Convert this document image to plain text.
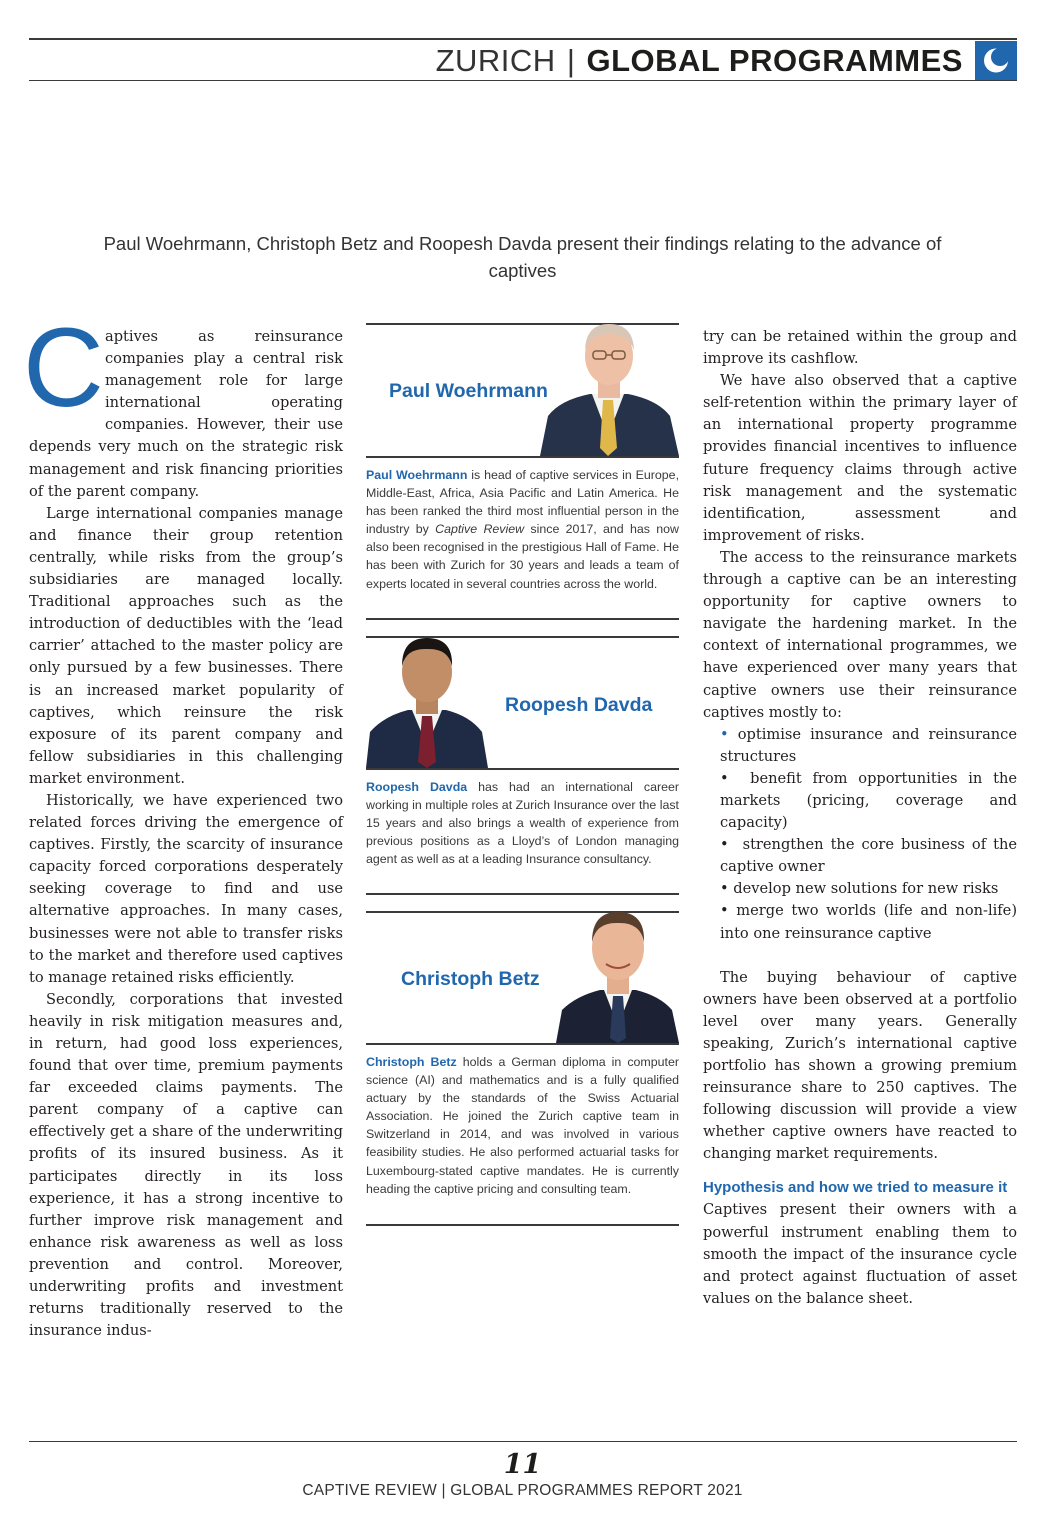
ZURICH | GLOBAL PROGRAMMES
Paul Woehrmann, Christoph Betz and Roopesh Davda present their findings relating to the advance of captives
C aptives as reinsurance companies play a central risk management role for large international operating companies. However, their use depends very much on the strategic risk management and risk financing priorities of the parent company.

Large international companies manage and finance their group retention centrally, while risks from the group’s subsidiaries are managed locally. Traditional approaches such as the introduction of deductibles with the ‘lead carrier’ attached to the master policy are only pursued by a few businesses. There is an increased market popularity of captives, which reinsure the risk exposure of its parent company and fellow subsidiaries in this challenging market environment.

Historically, we have experienced two related forces driving the emergence of captives. Firstly, the scarcity of insurance capacity forced corporations desperately seeking coverage to find and use alternative approaches. In many cases, businesses were not able to transfer risks to the market and therefore used captives to manage retained risks efficiently.

Secondly, corporations that invested heavily in risk mitigation measures and, in return, had good loss experiences, found that over time, premium payments far exceeded claims payments. The parent company of a captive can effectively get a share of the underwriting profits of its insured business. As it participates directly in its loss experience, it has a strong incentive to further improve risk management and enhance risk awareness as well as loss prevention and control. Moreover, underwriting profits and investment returns traditionally reserved to the insurance indus-

Paul Woehrmann
Paul Woehrmann is head of captive services in Europe, Middle-East, Africa, Asia Pacific and Latin America. He has been ranked the third most influential person in the industry by Captive Review since 2017, and has now also been recognised in the prestigious Hall of Fame. He has been with Zurich for 30 years and leads a team of experts located in several countries across the world.
Roopesh Davda
Roopesh Davda has had an international career working in multiple roles at Zurich Insurance over the last 15 years and also brings a wealth of experience from previous positions as a Lloyd’s of London managing agent as well as at a leading Insurance consultancy.
Christoph Betz
Christoph Betz holds a German diploma in computer science (AI) and mathematics and is a fully qualified actuary by the standards of the Swiss Actuarial Association. He joined the Zurich captive team in Switzerland in 2014, and was involved in various feasibility studies. He also performed actuarial tasks for Luxembourg-stated captive mandates. He is currently heading the captive pricing and consulting team.

try can be retained within the group and improve its cashflow.

We have also observed that a captive self-retention within the primary layer of an international property programme provides financial incentives to influence future frequency claims through active risk management and the systematic identification, assessment and improvement of risks.

The access to the reinsurance markets through a captive can be an interesting opportunity for captive owners to navigate the hardening market. In the context of international programmes, we have experienced over many years that captive owners use their reinsurance captives mostly to:

• optimise insurance and reinsurance structures
•  benefit from opportunities in the markets (pricing, coverage and capacity)
•  strengthen the core business of the captive owner
• develop new solutions for new risks
• merge two worlds (life and non-life) into one reinsurance captive

The buying behaviour of captive owners have been observed at a portfolio level over many years. Generally speaking, Zurich’s international captive portfolio has shown a growing premium reinsurance share to 250 captives. The following discussion will provide a view whether captive owners have reacted to changing market requirements.

Hypothesis and how we tried to measure it

Captives present their owners with a powerful instrument enabling them to smooth the impact of the insurance cycle and protect against fluctuation of asset values on the balance sheet.

11
CAPTIVE REVIEW | GLOBAL PROGRAMMES REPORT 2021
